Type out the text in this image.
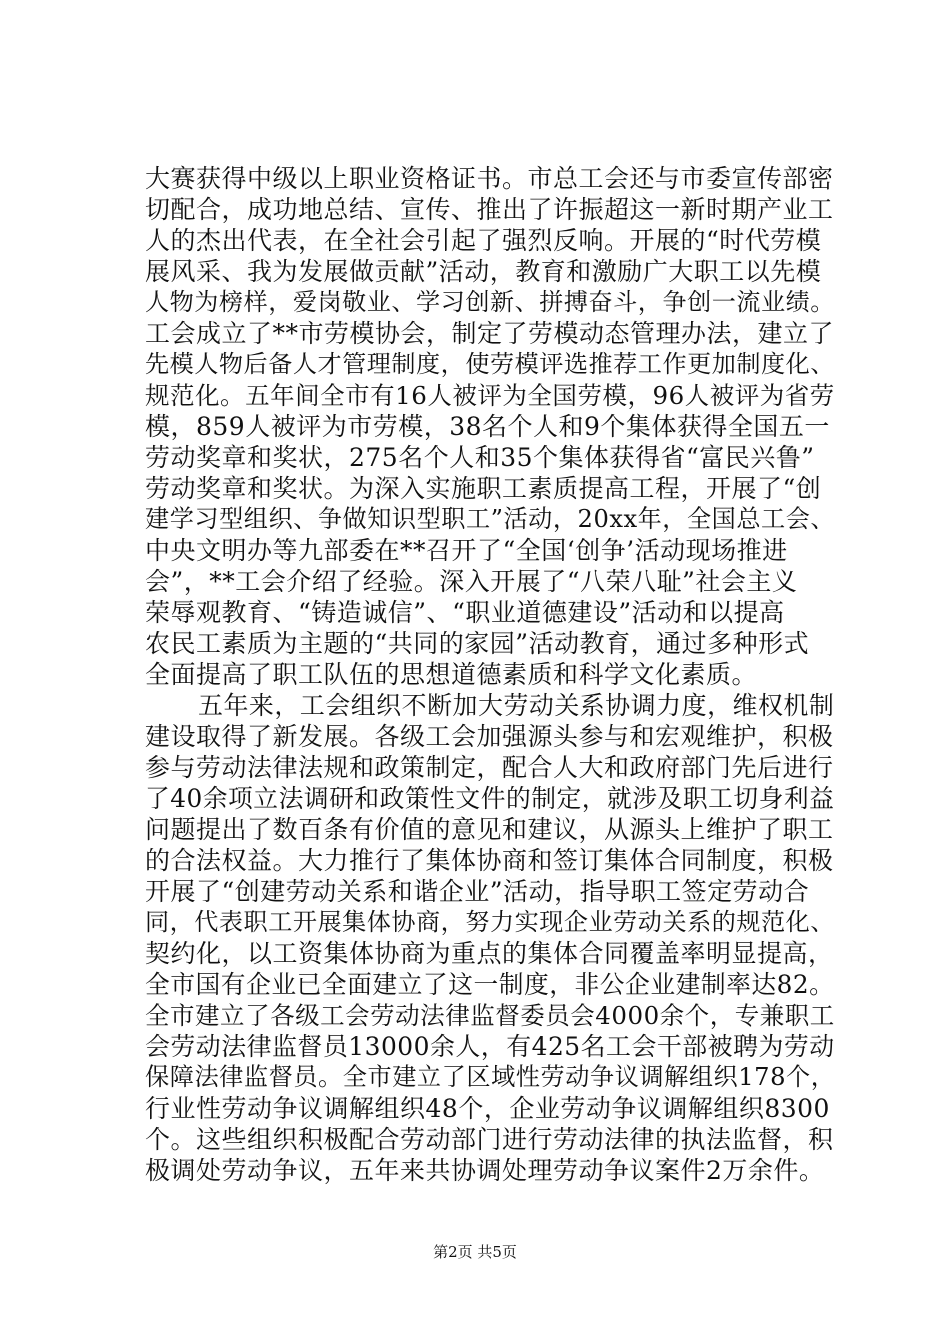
大赛获得中级以上职业资格证书。市总工会还与市委宣传部密
切配合，成功地总结、宣传、推出了许振超这一新时期产业工
人的杰出代表，在全社会引起了强烈反响。开展的“时代劳模
展风采、我为发展做贡献”活动，教育和激励广大职工以先模
人物为榜样，爱岗敬业、学习创新、拼搏奋斗，争创一流业绩。
工会成立了**市劳模协会，制定了劳模动态管理办法，建立了
先模人物后备人才管理制度，使劳模评选推荐工作更加制度化、
规范化。五年间全市有16人被评为全国劳模，96人被评为省劳
模，859人被评为市劳模，38名个人和9个集体获得全国五一
劳动奖章和奖状，275名个人和35个集体获得省“富民兴鲁”
劳动奖章和奖状。为深入实施职工素质提高工程，开展了“创
建学习型组织、争做知识型职工”活动，20xx年，全国总工会、
中央文明办等九部委在**召开了“全国‘创争’活动现场推进
会”，**工会介绍了经验。深入开展了“八荣八耻”社会主义
荣辱观教育、“铸造诚信”、“职业道德建设”活动和以提高
农民工素质为主题的“共同的家园”活动教育，通过多种形式
全面提高了职工队伍的思想道德素质和科学文化素质。
五年来，工会组织不断加大劳动关系协调力度，维权机制
建设取得了新发展。各级工会加强源头参与和宏观维护，积极
参与劳动法律法规和政策制定，配合人大和政府部门先后进行
了40余项立法调研和政策性文件的制定，就涉及职工切身利益
问题提出了数百条有价值的意见和建议，从源头上维护了职工
的合法权益。大力推行了集体协商和签订集体合同制度，积极
开展了“创建劳动关系和谐企业”活动，指导职工签定劳动合
同，代表职工开展集体协商，努力实现企业劳动关系的规范化、
契约化，以工资集体协商为重点的集体合同覆盖率明显提高，
全市国有企业已全面建立了这一制度，非公企业建制率达82。
全市建立了各级工会劳动法律监督委员会4000余个，专兼职工
会劳动法律监督员13000余人，有425名工会干部被聘为劳动
保障法律监督员。全市建立了区域性劳动争议调解组织178个，
行业性劳动争议调解组织48个，企业劳动争议调解组织8300
个。这些组织积极配合劳动部门进行劳动法律的执法监督，积
极调处劳动争议，五年来共协调处理劳动争议案件2万余件。
第2页 共5页
